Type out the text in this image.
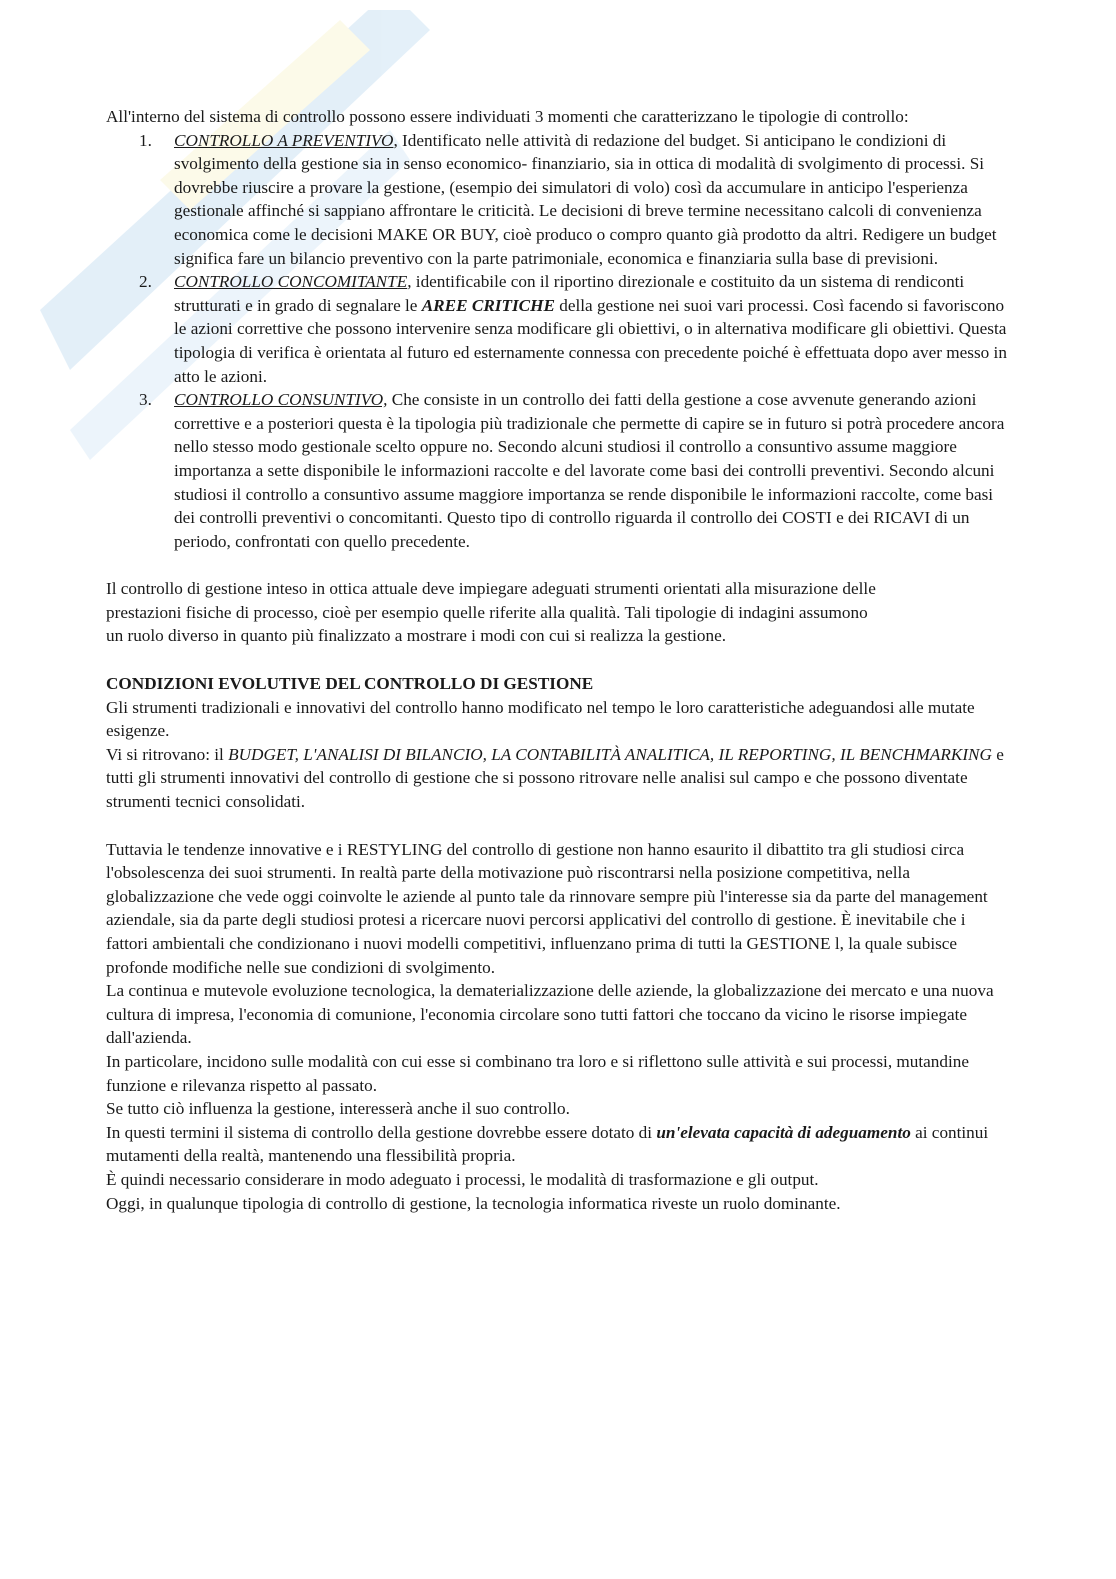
All'interno del sistema di controllo possono essere individuati 3 momenti che caratterizzano le tipologie di controllo:

1. CONTROLLO A PREVENTIVO, Identificato nelle attività di redazione del budget. Si anticipano le condizioni di svolgimento della gestione sia in senso economico- finanziario, sia in ottica di modalità di svolgimento di processi. Si dovrebbe riuscire a provare la gestione, (esempio dei simulatori di volo) così da accumulare in anticipo l'esperienza gestionale affinché si sappiano affrontare le criticità. Le decisioni di breve termine necessitano calcoli di convenienza economica come le decisioni MAKE OR BUY, cioè produco o compro quanto già prodotto da altri. Redigere un budget significa fare un bilancio preventivo con la parte patrimoniale, economica e finanziaria sulla base di previsioni.
2. CONTROLLO CONCOMITANTE, identificabile con il riportino direzionale e costituito da un sistema di rendiconti strutturati e in grado di segnalare le AREE CRITICHE della gestione nei suoi vari processi. Così facendo si favoriscono le azioni correttive che possono intervenire senza modificare gli obiettivi, o in alternativa modificare gli obiettivi. Questa tipologia di verifica è orientata al futuro ed esternamente connessa con precedente poiché è effettuata dopo aver messo in atto le azioni.
3. CONTROLLO CONSUNTIVO, Che consiste in un controllo dei fatti della gestione a cose avvenute generando azioni correttive e a posteriori questa è la tipologia più tradizionale che permette di capire se in futuro si potrà procedere ancora nello stesso modo gestionale scelto oppure no. Secondo alcuni studiosi il controllo a consuntivo assume maggiore importanza a sette disponibile le informazioni raccolte e del lavorate come basi dei controlli preventivi. Secondo alcuni studiosi il controllo a consuntivo assume maggiore importanza se rende disponibile le informazioni raccolte, come basi dei controlli preventivi o concomitanti. Questo tipo di controllo riguarda il controllo dei COSTI e dei RICAVI di un periodo, confrontati con quello precedente.

Il controllo di gestione inteso in ottica attuale deve impiegare adeguati strumenti orientati alla misurazione delle prestazioni fisiche di processo, cioè per esempio quelle riferite alla qualità. Tali tipologie di indagini assumono un ruolo diverso in quanto più finalizzato a mostrare i modi con cui si realizza la gestione.

CONDIZIONI EVOLUTIVE DEL CONTROLLO DI GESTIONE

Gli strumenti tradizionali e innovativi del controllo hanno modificato nel tempo le loro caratteristiche adeguandosi alle mutate esigenze.

Vi si ritrovano: il BUDGET, L'ANALISI DI BILANCIO, LA CONTABILITÀ ANALITICA, IL REPORTING, IL BENCHMARKING e tutti gli strumenti innovativi del controllo di gestione che si possono ritrovare nelle analisi sul campo e che possono diventate strumenti tecnici consolidati.

Tuttavia le tendenze innovative e i RESTYLING del controllo di gestione non hanno esaurito il dibattito tra gli studiosi circa l'obsolescenza dei suoi strumenti. In realtà parte della motivazione può riscontrarsi nella posizione competitiva, nella globalizzazione che vede oggi coinvolte le aziende al punto tale da rinnovare sempre più l'interesse sia da parte del management aziendale, sia da parte degli studiosi protesi a ricercare nuovi percorsi applicativi del controllo di gestione. È inevitabile che i fattori ambientali che condizionano i nuovi modelli competitivi, influenzano prima di tutti la GESTIONE l, la quale subisce profonde modifiche nelle sue condizioni di svolgimento.

La continua e mutevole evoluzione tecnologica, la dematerializzazione delle aziende, la globalizzazione dei mercato e una nuova cultura di impresa, l'economia di comunione, l'economia circolare sono tutti fattori che toccano da vicino le risorse impiegate dall'azienda.

In particolare, incidono sulle modalità con cui esse si combinano tra loro e si riflettono sulle attività e sui processi, mutandine funzione e rilevanza rispetto al passato.

Se tutto ciò influenza la gestione, interesserà anche il suo controllo.

In questi termini il sistema di controllo della gestione dovrebbe essere dotato di un'elevata capacità di adeguamento ai continui mutamenti della realtà, mantenendo una flessibilità propria.

È quindi necessario considerare in modo adeguato i processi, le modalità di trasformazione e gli output.

Oggi, in qualunque tipologia di controllo di gestione, la tecnologia informatica riveste un ruolo dominante.
